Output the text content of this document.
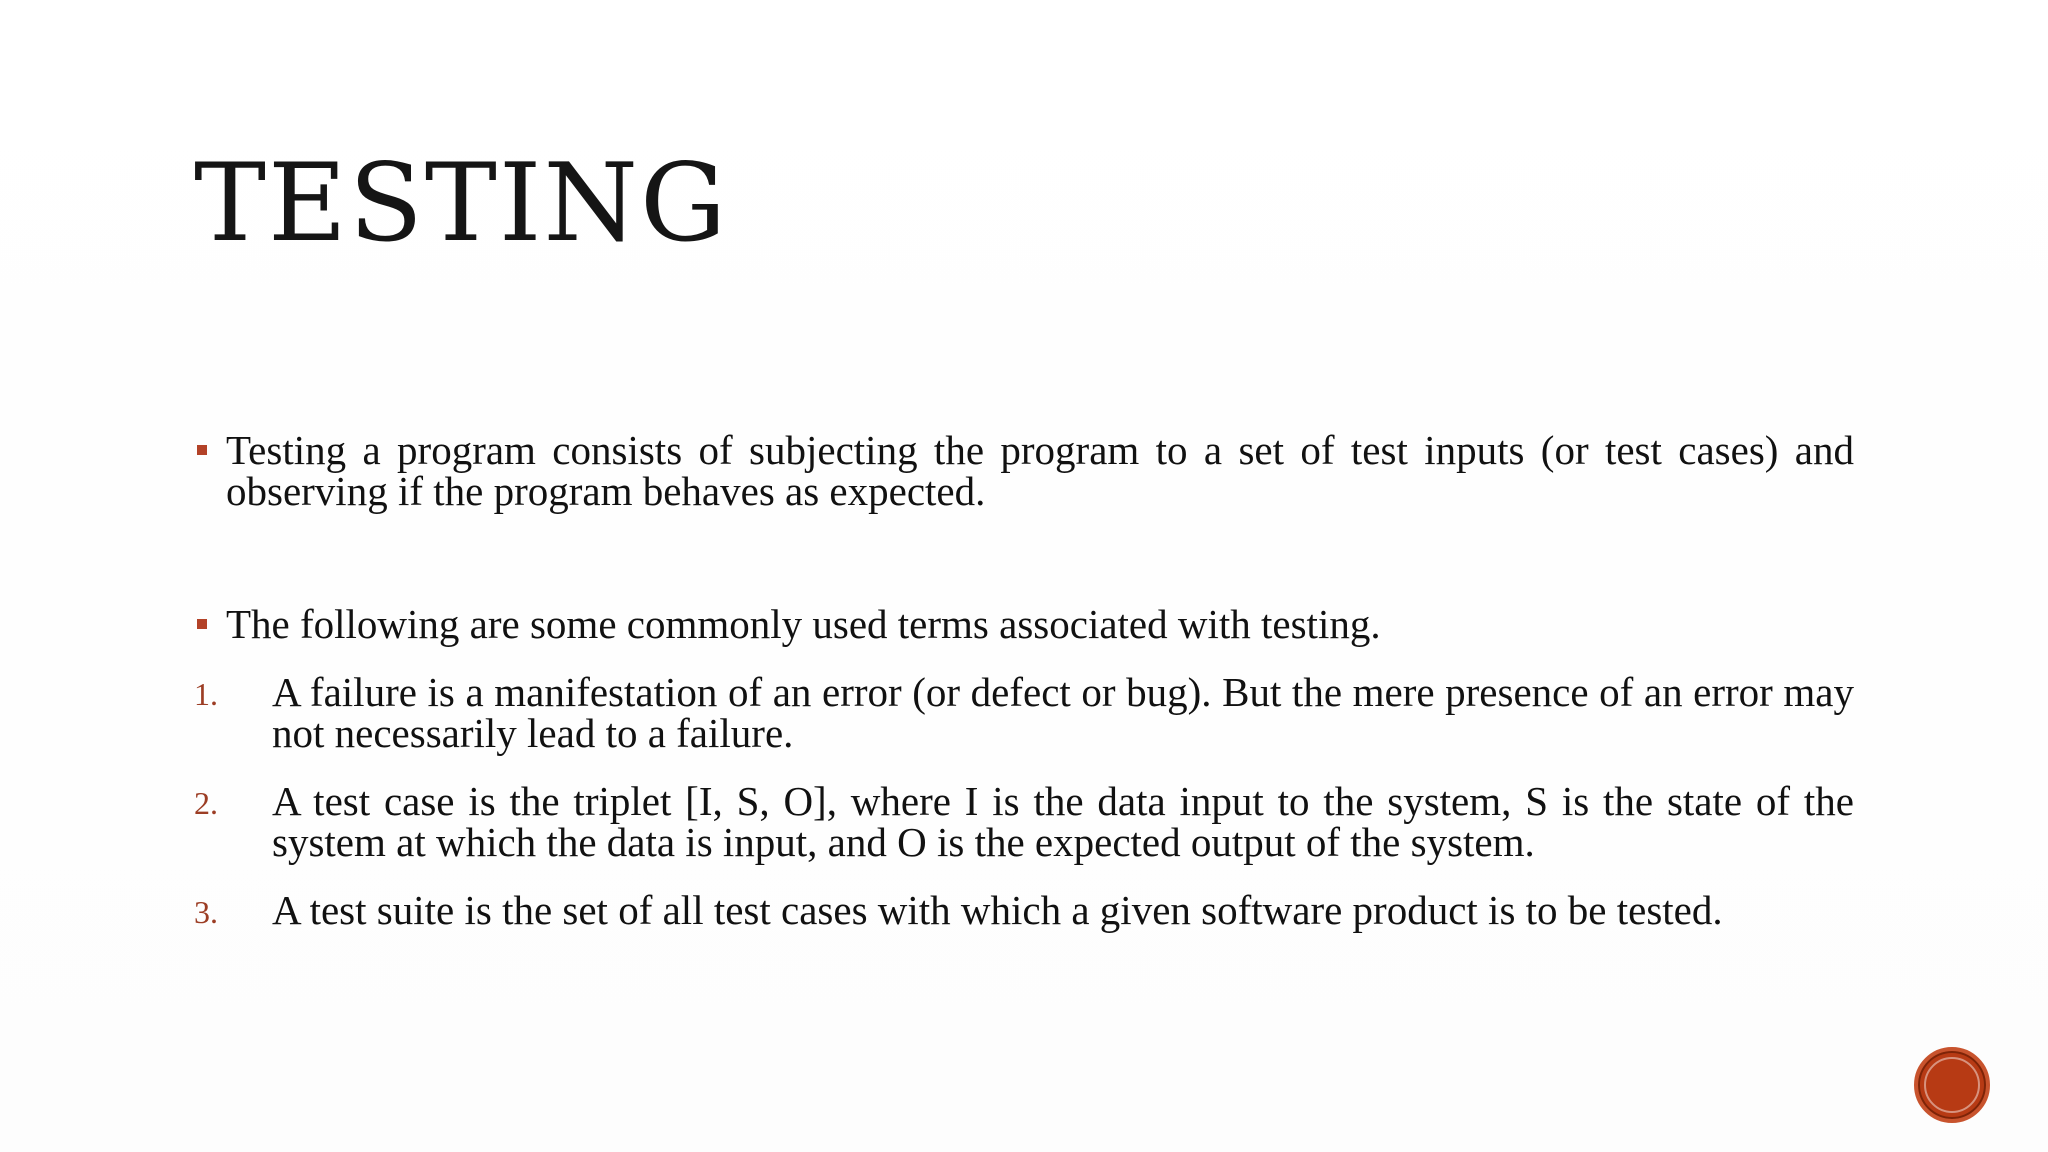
TESTING
Testing a program consists of subjecting the program to a set of test inputs (or test cases) and observing if the program behaves as expected.
The following are some commonly used terms associated with testing.
1. A failure is a manifestation of an error (or defect or bug). But the mere presence of an error may not necessarily lead to a failure.
2. A test case is the triplet [I, S, O], where I is the data input to the system, S is the state of the system at which the data is input, and O is the expected output of the system.
3. A test suite is the set of all test cases with which a given software product is to be tested.
